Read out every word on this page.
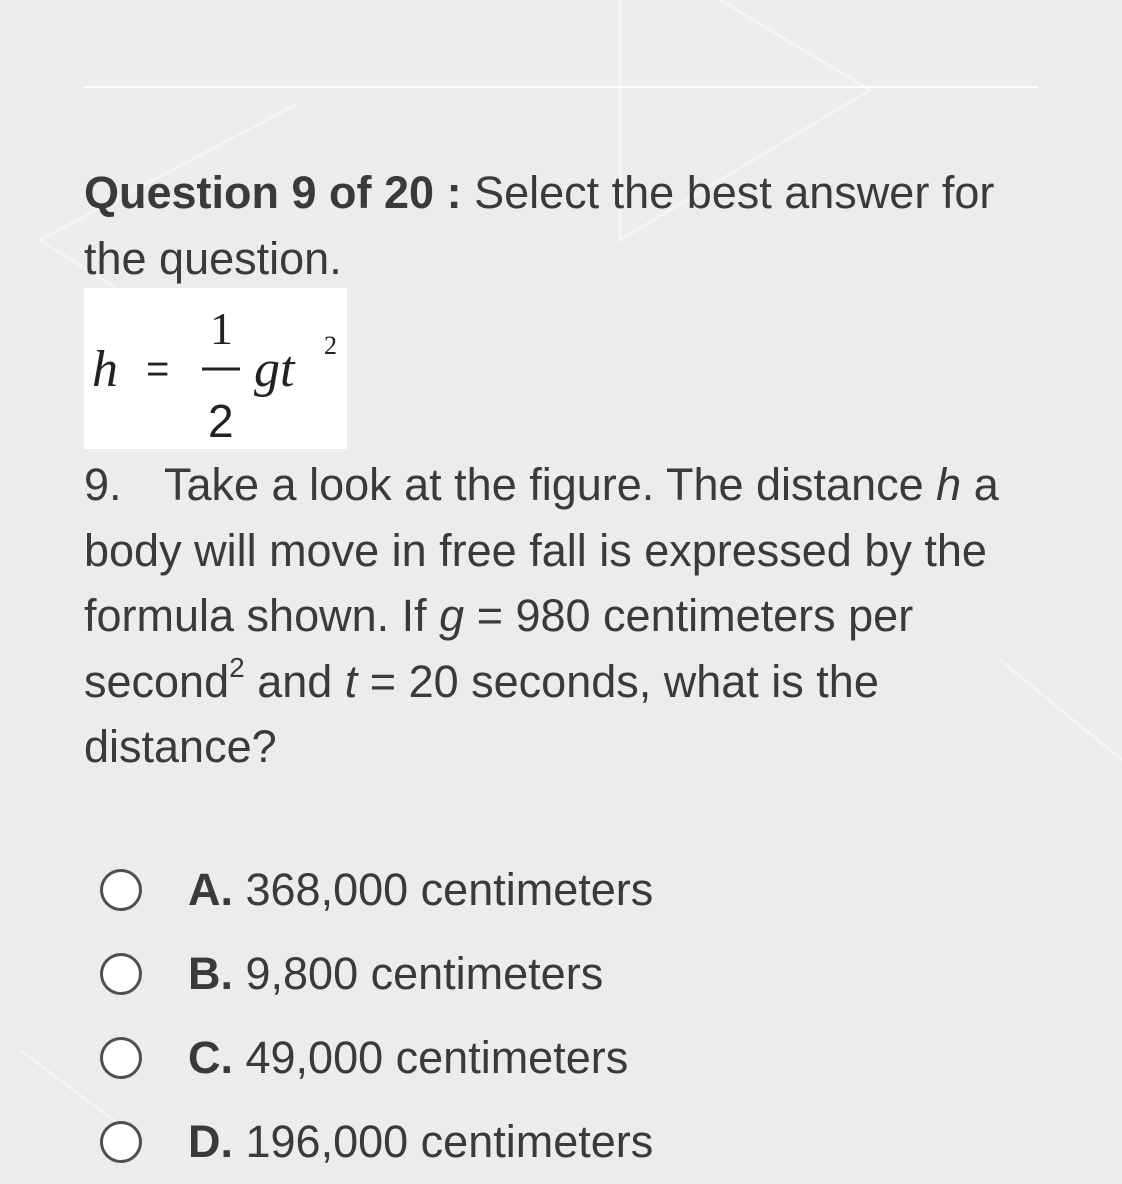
Question 9 of 20 : Select the best answer for the question.
h =
1
2
gt 2
9. Take a look at the figure. The distance h a body will move in free fall is expressed by the formula shown. If g = 980 centimeters per second$^2$ and t = 20 seconds, what is the distance?
A. 368,000 centimeters
B. 9,800 centimeters
C. 49,000 centimeters
D. 196,000 centimeters
